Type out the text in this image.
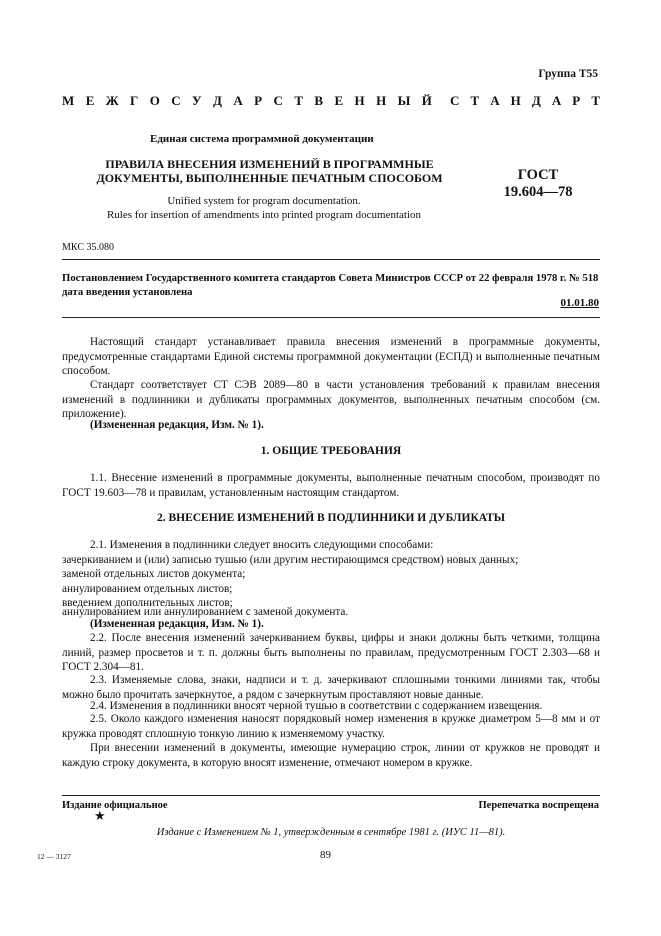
Группа Т55
М Е Ж Г О С У Д А Р С Т В Е Н Н Ы Й С Т А Н Д А Р Т
Единая система программной документации
ПРАВИЛА ВНЕСЕНИЯ ИЗМЕНЕНИЙ В ПРОГРАММНЫЕ
ДОКУМЕНТЫ, ВЫПОЛНЕННЫЕ ПЕЧАТНЫМ СПОСОБОМ	ГОСТ
19.604—78
Unified system for program documentation.
Rules for insertion of amendments into printed program documentation
МКС 35.080
Постановлением Государственного комитета стандартов Совета Министров СССР от 22 февраля 1978 г. № 518 дата введения установлена
01.01.80
Настоящий стандарт устанавливает правила внесения изменений в программные документы, предусмотренные стандартами Единой системы программной документации (ЕСПД) и выполненные печатным способом.
Стандарт соответствует СТ СЭВ 2089—80 в части установления требований к правилам внесения изменений в подлинники и дубликаты программных документов, выполненных печатным способом (см. приложение).
(Измененная редакция, Изм. № 1).
1. ОБЩИЕ ТРЕБОВАНИЯ
1.1. Внесение изменений в программные документы, выполненные печатным способом, производят по ГОСТ 19.603—78 и правилам, установленным настоящим стандартом.
2. ВНЕСЕНИЕ ИЗМЕНЕНИЙ В ПОДЛИННИКИ И ДУБЛИКАТЫ
2.1. Изменения в подлинники следует вносить следующими способами:
зачеркиванием и (или) записью тушью (или другим нестирающимся средством) новых данных;
заменой отдельных листов документа;
аннулированием отдельных листов;
введением дополнительных листов;
аннулированием или аннулированием с заменой документа.
(Измененная редакция, Изм. № 1).
2.2. После внесения изменений зачеркиванием буквы, цифры и знаки должны быть четкими, толщина линий, размер просветов и т. п. должны быть выполнены по правилам, предусмотренным ГОСТ 2.303—68 и ГОСТ 2.304—81.
2.3. Изменяемые слова, знаки, надписи и т. д. зачеркивают сплошными тонкими линиями так, чтобы можно было прочитать зачеркнутое, а рядом с зачеркнутым проставляют новые данные.
2.4. Изменения в подлинники вносят черной тушью в соответствии с содержанием извещения.
2.5. Около каждого изменения наносят порядковый номер изменения в кружке диаметром 5—8 мм и от кружка проводят сплошную тонкую линию к изменяемому участку.
При внесении изменений в документы, имеющие нумерацию строк, линии от кружков не проводят и каждую строку документа, в которую вносят изменение, отмечают номером в кружке.
Издание официальное	Перепечатка воспрещена
★
Издание с Изменением № 1, утвержденным в сентябре 1981 г. (ИУС 11—81).
12 — 3127	89
